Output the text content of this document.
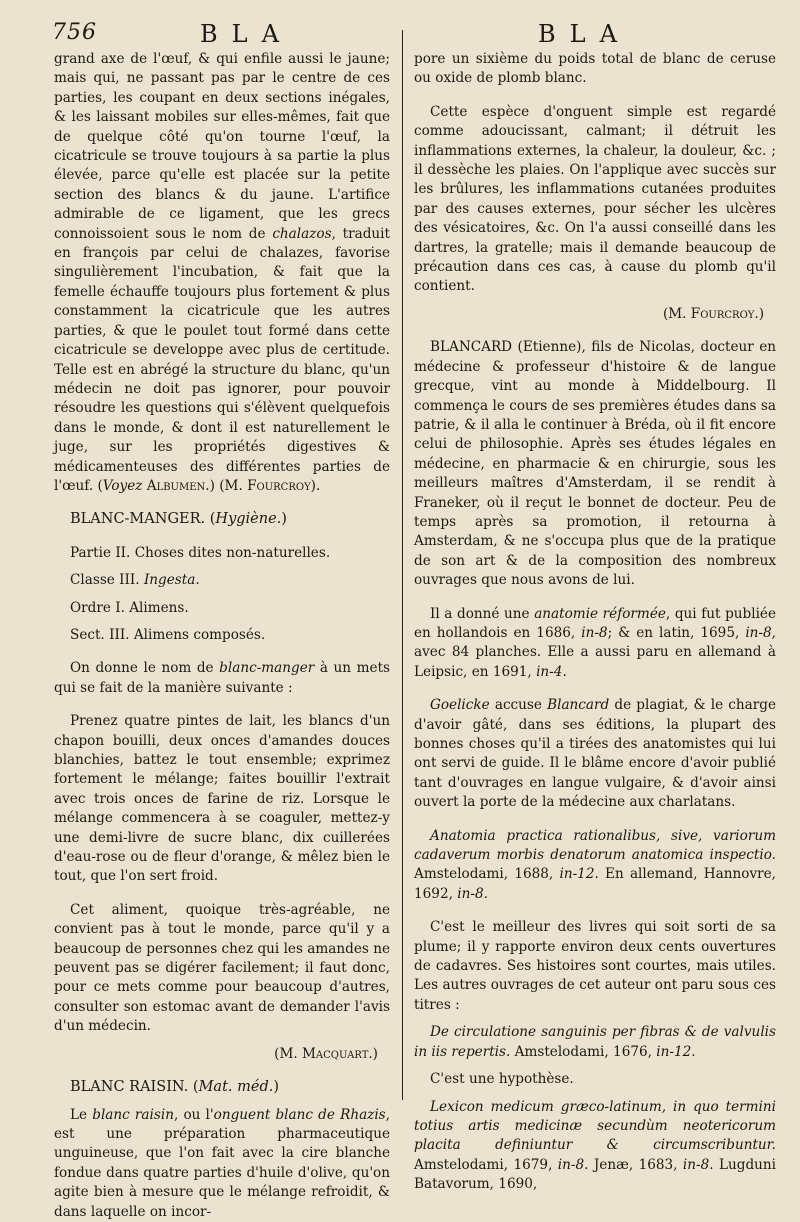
756	BLA	BLA

grand axe de l'œuf, & qui enfile aussi le jaune; mais qui, ne passant pas par le centre de ces parties, les coupant en deux sections inégales, & les laissant mobiles sur elles-mêmes, fait que de quelque côté qu'on tourne l'œuf, la cicatricule se trouve toujours à sa partie la plus élevée, parce qu'elle est placée sur la petite section des blancs & du jaune. L'artifice admirable de ce ligament, que les grecs connoissoient sous le nom de chalazos, traduit en françois par celui de chalazes, favorise singulièrement l'incubation, & fait que la femelle échauffe toujours plus fortement & plus constamment la cicatricule que les autres parties, & que le poulet tout formé dans cette cicatricule se developpe avec plus de certitude. Telle est en abrégé la structure du blanc, qu'un médecin ne doit pas ignorer, pour pouvoir résoudre les questions qui s'élèvent quelquefois dans le monde, & dont il est naturellement le juge, sur les propriétés digestives & médicamenteuses des différentes parties de l'œuf. (Voyez Albumen.) (M. Fourcroy).

BLANC-MANGER. (Hygiène.)

Partie II. Choses dites non-naturelles.

Classe III. Ingesta.

Ordre I. Alimens.

Sect. III. Alimens composés.

On donne le nom de blanc-manger à un mets qui se fait de la manière suivante :

Prenez quatre pintes de lait, les blancs d'un chapon bouilli, deux onces d'amandes douces blanchies, battez le tout ensemble; exprimez fortement le mélange; faites bouillir l'extrait avec trois onces de farine de riz. Lorsque le mélange commencera à se coaguler, mettez-y une demi-livre de sucre blanc, dix cuillerées d'eau-rose ou de fleur d'orange, & mêlez bien le tout, que l'on sert froid.

Cet aliment, quoique très-agréable, ne convient pas à tout le monde, parce qu'il y a beaucoup de personnes chez qui les amandes ne peuvent pas se digérer facilement; il faut donc, pour ce mets comme pour beaucoup d'autres, consulter son estomac avant de demander l'avis d'un médecin.

(M. Macquart.)

BLANC RAISIN. (Mat. méd.)

Le blanc raisin, ou l'onguent blanc de Rhazis, est une préparation pharmaceutique unguineuse, que l'on fait avec la cire blanche fondue dans quatre parties d'huile d'olive, qu'on agite bien à mesure que le mélange refroidit, & dans laquelle on incor-

pore un sixième du poids total de blanc de ceruse ou oxide de plomb blanc.

Cette espèce d'onguent simple est regardé comme adoucissant, calmant; il détruit les inflammations externes, la chaleur, la douleur, &c. ; il dessèche les plaies. On l'applique avec succès sur les brûlures, les inflammations cutanées produites par des causes externes, pour sécher les ulcères des vésicatoires, &c. On l'a aussi conseillé dans les dartres, la gratelle; mais il demande beaucoup de précaution dans ces cas, à cause du plomb qu'il contient.

(M. Fourcroy.)

BLANCARD (Etienne), fils de Nicolas, docteur en médecine & professeur d'histoire & de langue grecque, vint au monde à Middelbourg. Il commença le cours de ses premières études dans sa patrie, & il alla le continuer à Bréda, où il fit encore celui de philosophie. Après ses études légales en médecine, en pharmacie & en chirurgie, sous les meilleurs maîtres d'Amsterdam, il se rendit à Franeker, où il reçut le bonnet de docteur. Peu de temps après sa promotion, il retourna à Amsterdam, & ne s'occupa plus que de la pratique de son art & de la composition des nombreux ouvrages que nous avons de lui.

Il a donné une anatomie réformée, qui fut publiée en hollandois en 1686, in-8; & en latin, 1695, in-8, avec 84 planches. Elle a aussi paru en allemand à Leipsic, en 1691, in-4.

Goelicke accuse Blancard de plagiat, & le charge d'avoir gâté, dans ses éditions, la plupart des bonnes choses qu'il a tirées des anatomistes qui lui ont servi de guide. Il le blâme encore d'avoir publié tant d'ouvrages en langue vulgaire, & d'avoir ainsi ouvert la porte de la médecine aux charlatans.

Anatomia practica rationalibus, sive, variorum cadaverum morbis denatorum anatomica inspectio. Amstelodami, 1688, in-12. En allemand, Hannovre, 1692, in-8.

C'est le meilleur des livres qui soit sorti de sa plume; il y rapporte environ deux cents ouvertures de cadavres. Ses histoires sont courtes, mais utiles. Les autres ouvrages de cet auteur ont paru sous ces titres :

De circulatione sanguinis per fibras & de valvulis in iis repertis. Amstelodami, 1676, in-12.

C'est une hypothèse.

Lexicon medicum græco-latinum, in quo termini totius artis medicinæ secundùm neotericorum placita definiuntur & circumscribuntur. Amstelodami, 1679, in-8. Jenæ, 1683, in-8. Lugduni Batavorum, 1690,
